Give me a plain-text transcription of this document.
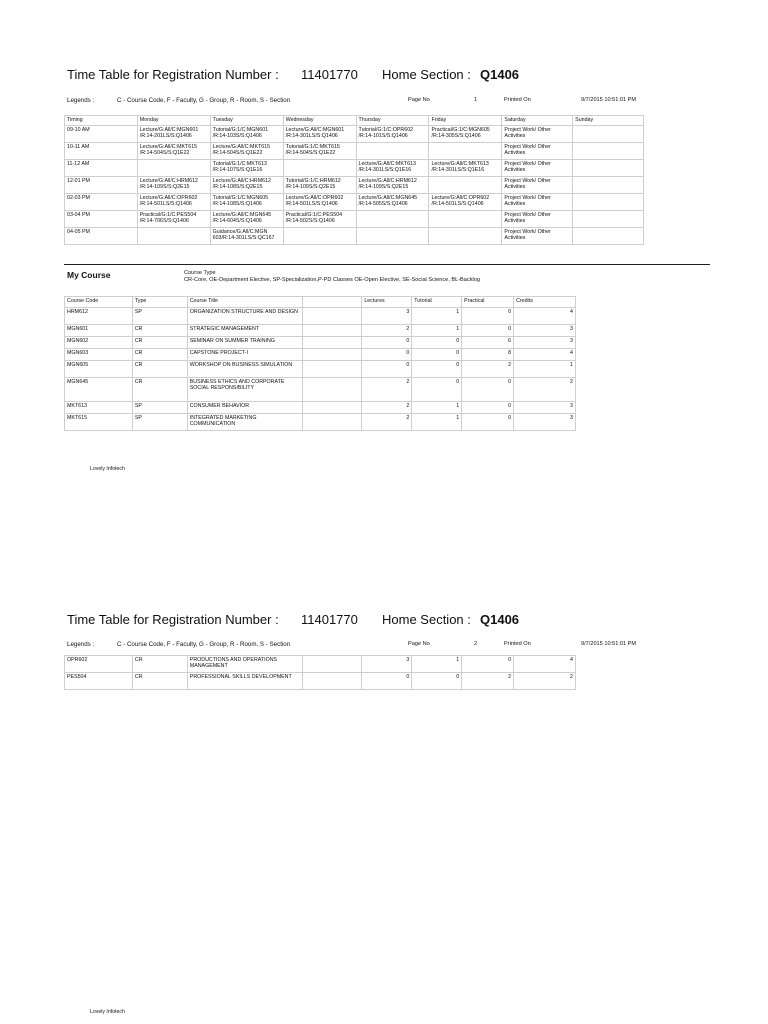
Time Table for Registration Number : 11401770 Home Section : Q1406
Legends :	C - Course Code, F - Faculty, G - Group, R - Room, S - Section	Page No	1	Printed On	9/7/2015 10:51:01 PM
Timing	Monday	Tuesday	Wednesday	Thursday	Friday	Saturday	Sunday
09-10 AM	Lecture/G:All/C:MGN601 /R:14-201LS/S:Q1406	Tutorial/G:1/C:MGN601 /R:14-103S/S:Q1406	Lecture/G:All/C:MGN601 /R:14-301LS/S:Q1406	Tutorial/G:1/C:OPR602 /R:14-101S/S:Q1406	Practical/G:1/C:MGN605 /R:14-305S/S:Q1406	Project Work/ Other Activities	
10-11 AM	Lecture/G:All/C:MKT615 /R:14-504S/S:Q1E22	Lecture/G:All/C:MKT615 /R:14-504S/S:Q1E22	Tutorial/G:1/C:MKT615 /R:14-504S/S:Q1E22			Project Work/ Other Activities	
11-12 AM		Tutorial/G:1/C:MKT613 /R:14-107S/S:Q1E16		Lecture/G:All/C:MKT613 /R:14-301LS/S:Q1E16	Lecture/G:All/C:MKT613 /R:14-301LS/S:Q1E16	Project Work/ Other Activities	
12-01 PM	Lecture/G:All/C:HRM612 /R:14-109S/S:Q2E15	Lecture/G:All/C:HRM612 /R:14-108S/S:Q2E15	Tutorial/G:1/C:HRM612 /R:14-109S/S:Q2E15	Lecture/G:All/C:HRM612 /R:14-109S/S:Q2E15		Project Work/ Other Activities	
02-03 PM	Lecture/G:All/C:OPR602 /R:14-501LS/S:Q1406	Tutorial/G:1/C:MGN605 /R:14-108S/S:Q1406	Lecture/G:All/C:OPR602 /R:14-501LS/S:Q1406	Lecture/G:All/C:MGN645 /R:14-505S/S:Q1406	Lecture/G:All/C:OPR602 /R:14-501LS/S:Q1406	Project Work/ Other Activities	
03-04 PM	Practical/G:1/C:PES504 /R:14-706S/S:Q1406	Lecture/G:All/C:MGN645 /R:14-604S/S:Q1406	Practical/G:1/C:PES504 /R:14-502S/S:Q1406			Project Work/ Other Activities	
04-05 PM		Guidance/G:All/C:MGN 603/R:14-301LS/S:QC167				Project Work/ Other Activities	
My Course	Course Type
CR-Core, OE-Department Elective, SP-Specialization,P-PD Classes OE-Open Elective, SE-Social Science, BL-Backlog
Course Code	Type	Course Title		Lectures	Tutorial	Practical	Credits
HRM612	SP	ORGANIZATION STRUCTURE AND DESIGN		3	1	0	4
MGN601	CR	STRATEGIC MANAGEMENT		2	1	0	3
MGN602	CR	SEMINAR ON SUMMER TRAINING		0	0	6	3
MGN603	CR	CAPSTONE PROJECT-I		0	0	8	4
MGN605	CR	WORKSHOP ON BUSINESS SIMULATION		0	0	2	1
MGN645	CR	BUSINESS ETHICS AND CORPORATE SOCIAL RESPONSIBILITY		2	0	0	2
MKT613	SP	CONSUMER BEHAVIOR		2	1	0	3
MKT615	SP	INTEGRATED MARKETING COMMUNICATION		2	1	0	3
Lovely Infotech
Time Table for Registration Number : 11401770 Home Section : Q1406
Legends :	C - Course Code, F - Faculty, G - Group, R - Room, S - Section	Page No	2	Printed On	9/7/2015 10:51:01 PM
OPR602	CR	PRODUCTIONS AND OPERATIONS MANAGEMENT		3	1	0	4
PES504	CR	PROFESSIONAL SKILLS DEVELOPMENT		0	0	2	2
Lovely Infotech
